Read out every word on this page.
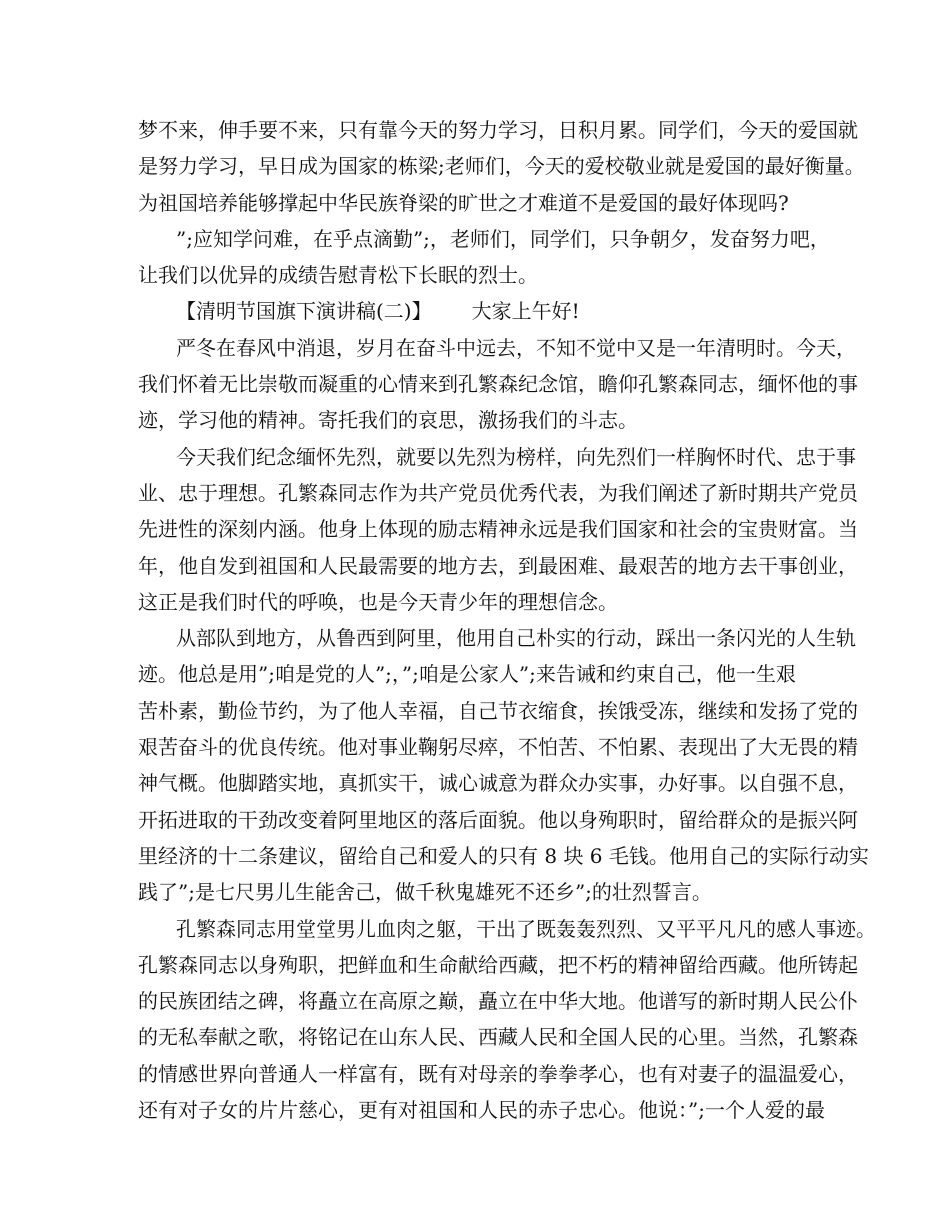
梦不来，伸手要不来，只有靠今天的努力学习，日积月累。同学们，今天的爱国就
是努力学习，早日成为国家的栋梁;老师们，今天的爱校敬业就是爱国的最好衡量。
为祖国培养能够撑起中华民族脊梁的旷世之才难道不是爱国的最好体现吗?
”;应知学问难，在乎点滴勤”;，老师们，同学们，只争朝夕，发奋努力吧，
让我们以优异的成绩告慰青松下长眠的烈士。
【清明节国旗下演讲稿(二)】 大家上午好!
严冬在春风中消退，岁月在奋斗中远去，不知不觉中又是一年清明时。今天，
我们怀着无比崇敬而凝重的心情来到孔繁森纪念馆，瞻仰孔繁森同志，缅怀他的事
迹，学习他的精神。寄托我们的哀思，激扬我们的斗志。
今天我们纪念缅怀先烈，就要以先烈为榜样，向先烈们一样胸怀时代、忠于事
业、忠于理想。孔繁森同志作为共产党员优秀代表，为我们阐述了新时期共产党员
先进性的深刻内涵。他身上体现的励志精神永远是我们国家和社会的宝贵财富。当
年，他自发到祖国和人民最需要的地方去，到最困难、最艰苦的地方去干事创业，
这正是我们时代的呼唤，也是今天青少年的理想信念。
从部队到地方，从鲁西到阿里，他用自己朴实的行动，踩出一条闪光的人生轨
迹。他总是用”;咱是党的人”;，”;咱是公家人”;来告诫和约束自己，他一生艰
苦朴素，勤俭节约，为了他人幸福，自己节衣缩食，挨饿受冻，继续和发扬了党的
艰苦奋斗的优良传统。他对事业鞠躬尽瘁，不怕苦、不怕累、表现出了大无畏的精
神气概。他脚踏实地，真抓实干，诚心诚意为群众办实事，办好事。以自强不息，
开拓进取的干劲改变着阿里地区的落后面貌。他以身殉职时，留给群众的是振兴阿
里经济的十二条建议，留给自己和爱人的只有 8 块 6 毛钱。他用自己的实际行动实
践了”;是七尺男儿生能舍己，做千秋鬼雄死不还乡”;的壮烈誓言。
孔繁森同志用堂堂男儿血肉之躯，干出了既轰轰烈烈、又平平凡凡的感人事迹。
孔繁森同志以身殉职，把鲜血和生命献给西藏，把不朽的精神留给西藏。他所铸起
的民族团结之碑，将矗立在高原之巅，矗立在中华大地。他谱写的新时期人民公仆
的无私奉献之歌，将铭记在山东人民、西藏人民和全国人民的心里。当然，孔繁森
的情感世界向普通人一样富有，既有对母亲的拳拳孝心，也有对妻子的温温爱心，
还有对子女的片片慈心，更有对祖国和人民的赤子忠心。他说：”;一个人爱的最
